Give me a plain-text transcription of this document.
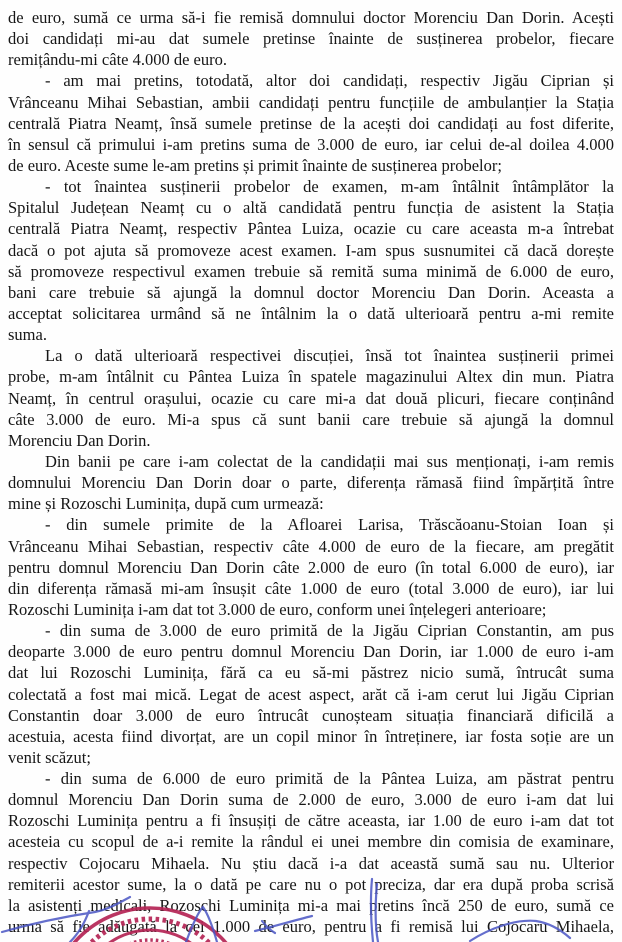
de euro, sumă ce urma să-i fie remisă domnului doctor Morenciu Dan Dorin. Acești
doi candidați mi-au dat sumele pretinse înainte de susținerea probelor, fiecare
remițându-mi câte 4.000 de euro.
- am mai pretins, totodată, altor doi candidați, respectiv Jigău Ciprian și
Vrânceanu Mihai Sebastian, ambii candidați pentru funcțiile de ambulanțier la Stația
centrală Piatra Neamț, însă sumele pretinse de la acești doi candidați au fost diferite,
în sensul că primului i-am pretins suma de 3.000 de euro, iar celui de-al doilea 4.000
de euro. Aceste sume le-am pretins și primit înainte de susținerea probelor;
- tot înaintea susținerii probelor de examen, m-am întâlnit întâmplător la
Spitalul Județean Neamț cu o altă candidată pentru funcția de asistent la Stația
centrală Piatra Neamț, respectiv Pântea Luiza, ocazie cu care aceasta m-a întrebat
dacă o pot ajuta să promoveze acest examen. I-am spus susnumitei că dacă dorește
să promoveze respectivul examen trebuie să remită suma minimă de 6.000 de euro,
bani care trebuie să ajungă la domnul doctor Morenciu Dan Dorin. Aceasta a
acceptat solicitarea urmând să ne întâlnim la o dată ulterioară pentru a-mi remite
suma.
La o dată ulterioară respectivei discuției, însă tot înaintea susținerii primei
probe, m-am întâlnit cu Pântea Luiza în spatele magazinului Altex din mun. Piatra
Neamț, în centrul orașului, ocazie cu care mi-a dat două plicuri, fiecare conținând
câte 3.000 de euro. Mi-a spus că sunt banii care trebuie să ajungă la domnul
Morenciu Dan Dorin.
Din banii pe care i-am colectat de la candidații mai sus menționați, i-am remis
domnului Morenciu Dan Dorin doar o parte, diferența rămasă fiind împărțită între
mine și Rozoschi Luminița, după cum urmează:
- din sumele primite de la Afloarei Larisa, Trăscăoanu-Stoian Ioan și
Vrânceanu Mihai Sebastian, respectiv câte 4.000 de euro de la fiecare, am pregătit
pentru domnul Morenciu Dan Dorin câte 2.000 de euro (în total 6.000 de euro), iar
din diferența rămasă mi-am însușit câte 1.000 de euro (total 3.000 de euro), iar lui
Rozoschi Luminița i-am dat tot 3.000 de euro, conform unei înțelegeri anterioare;
- din suma de 3.000 de euro primită de la Jigău Ciprian Constantin, am pus
deoparte 3.000 de euro pentru domnul Morenciu Dan Dorin, iar 1.000 de euro i-am
dat lui Rozoschi Luminița, fără ca eu să-mi păstrez nicio sumă, întrucât suma
colectată a fost mai mică. Legat de acest aspect, arăt că i-am cerut lui Jigău Ciprian
Constantin doar 3.000 de euro întrucât cunoșteam situația financiară dificilă a
acestuia, acesta fiind divorțat, are un copil minor în întreținere, iar fosta soție are un
venit scăzut;
- din suma de 6.000 de euro primită de la Pântea Luiza, am păstrat pentru
domnul Morenciu Dan Dorin suma de 2.000 de euro, 3.000 de euro i-am dat lui
Rozoschi Luminița pentru a fi însușiți de către aceasta, iar 1.00 de euro i-am dat tot
acesteia cu scopul de a-i remite la rândul ei unei membre din comisia de examinare,
respectiv Cojocaru Mihaela. Nu știu dacă i-a dat această sumă sau nu. Ulterior
remiterii acestor sume, la o dată pe care nu o pot preciza, dar era după proba scrisă
la asistenți medicali, Rozoschi Luminița mi-a mai pretins încă 250 de euro, sumă ce
urma să fie adăugată la cei 1.000 de euro, pentru a fi remisă lui Cojocaru Mihaela,
